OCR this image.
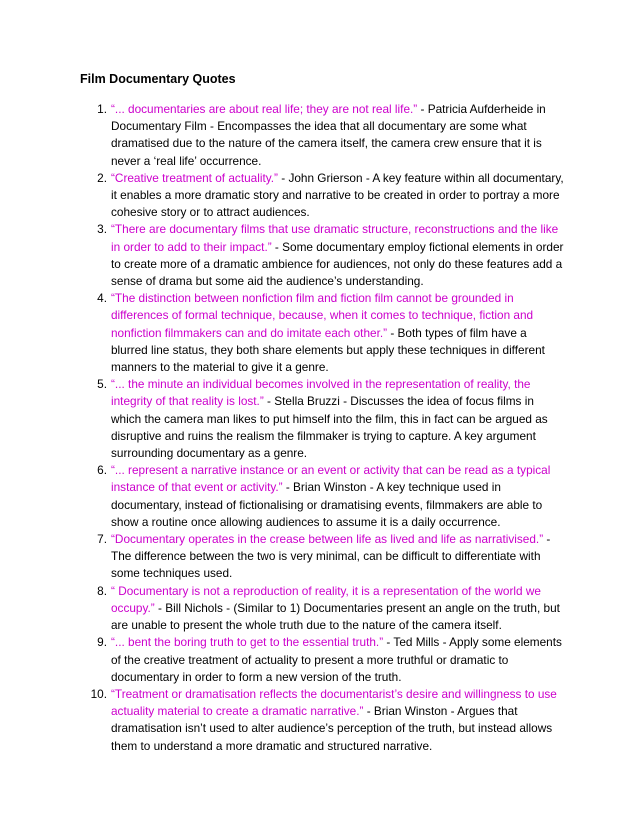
Film Documentary Quotes
1. “... documentaries are about real life; they are not real life.” - Patricia Aufderheide in Documentary Film - Encompasses the idea that all documentary are some what dramatised due to the nature of the camera itself, the camera crew ensure that it is never a ‘real life’ occurrence.
2. “Creative treatment of actuality.” - John Grierson - A key feature within all documentary, it enables a more dramatic story and narrative to be created in order to portray a more cohesive story or to attract audiences.
3. “There are documentary films that use dramatic structure, reconstructions and the like in order to add to their impact.” - Some documentary employ fictional elements in order to create more of a dramatic ambience for audiences, not only do these features add a sense of drama but some aid the audience’s understanding.
4. “The distinction between nonfiction film and fiction film cannot be grounded in differences of formal technique, because, when it comes to technique, fiction and nonfiction filmmakers can and do imitate each other.” - Both types of film have a blurred line status, they both share elements but apply these techniques in different manners to the material to give it a genre.
5. “... the minute an individual becomes involved in the representation of reality, the integrity of that reality is lost.” - Stella Bruzzi - Discusses the idea of focus films in which the camera man likes to put himself into the film, this in fact can be argued as disruptive and ruins the realism the filmmaker is trying to capture. A key argument surrounding documentary as a genre.
6. “... represent a narrative instance or an event or activity that can be read as a typical instance of that event or activity.” - Brian Winston - A key technique used in documentary, instead of fictionalising or dramatising events, filmmakers are able to show a routine once allowing audiences to assume it is a daily occurrence.
7. “Documentary operates in the crease between life as lived and life as narrativised.” - The difference between the two is very minimal, can be difficult to differentiate with some techniques used.
8. “ Documentary is not a reproduction of reality, it is a representation of the world we occupy.” - Bill Nichols - (Similar to 1) Documentaries present an angle on the truth, but are unable to present the whole truth due to the nature of the camera itself.
9. “... bent the boring truth to get to the essential truth.” - Ted Mills - Apply some elements of the creative treatment of actuality to present a more truthful or dramatic to documentary in order to form a new version of the truth.
10. “Treatment or dramatisation reflects the documentarist’s desire and willingness to use actuality material to create a dramatic narrative.” - Brian Winston - Argues that dramatisation isn’t used to alter audience’s perception of the truth, but instead allows them to understand a more dramatic and structured narrative.
